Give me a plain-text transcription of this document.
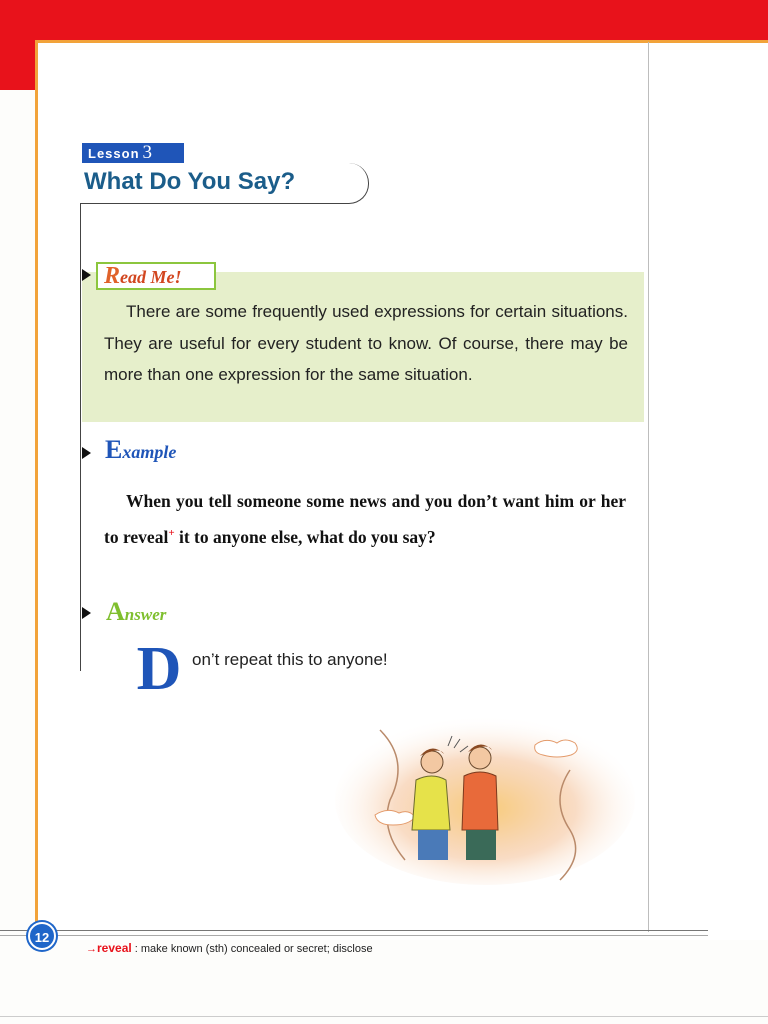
Lesson 3
What Do You Say?
Read Me!
There are some frequently used expressions for certain situations. They are useful for every student to know. Of course, there may be more than one expression for the same situation.
Example
When you tell someone some news and you don’t want him or her to reveal+ it to anyone else, what do you say?
Answer
D on’t repeat this to anyone!
12
→reveal : make known (sth) concealed or secret; disclose
